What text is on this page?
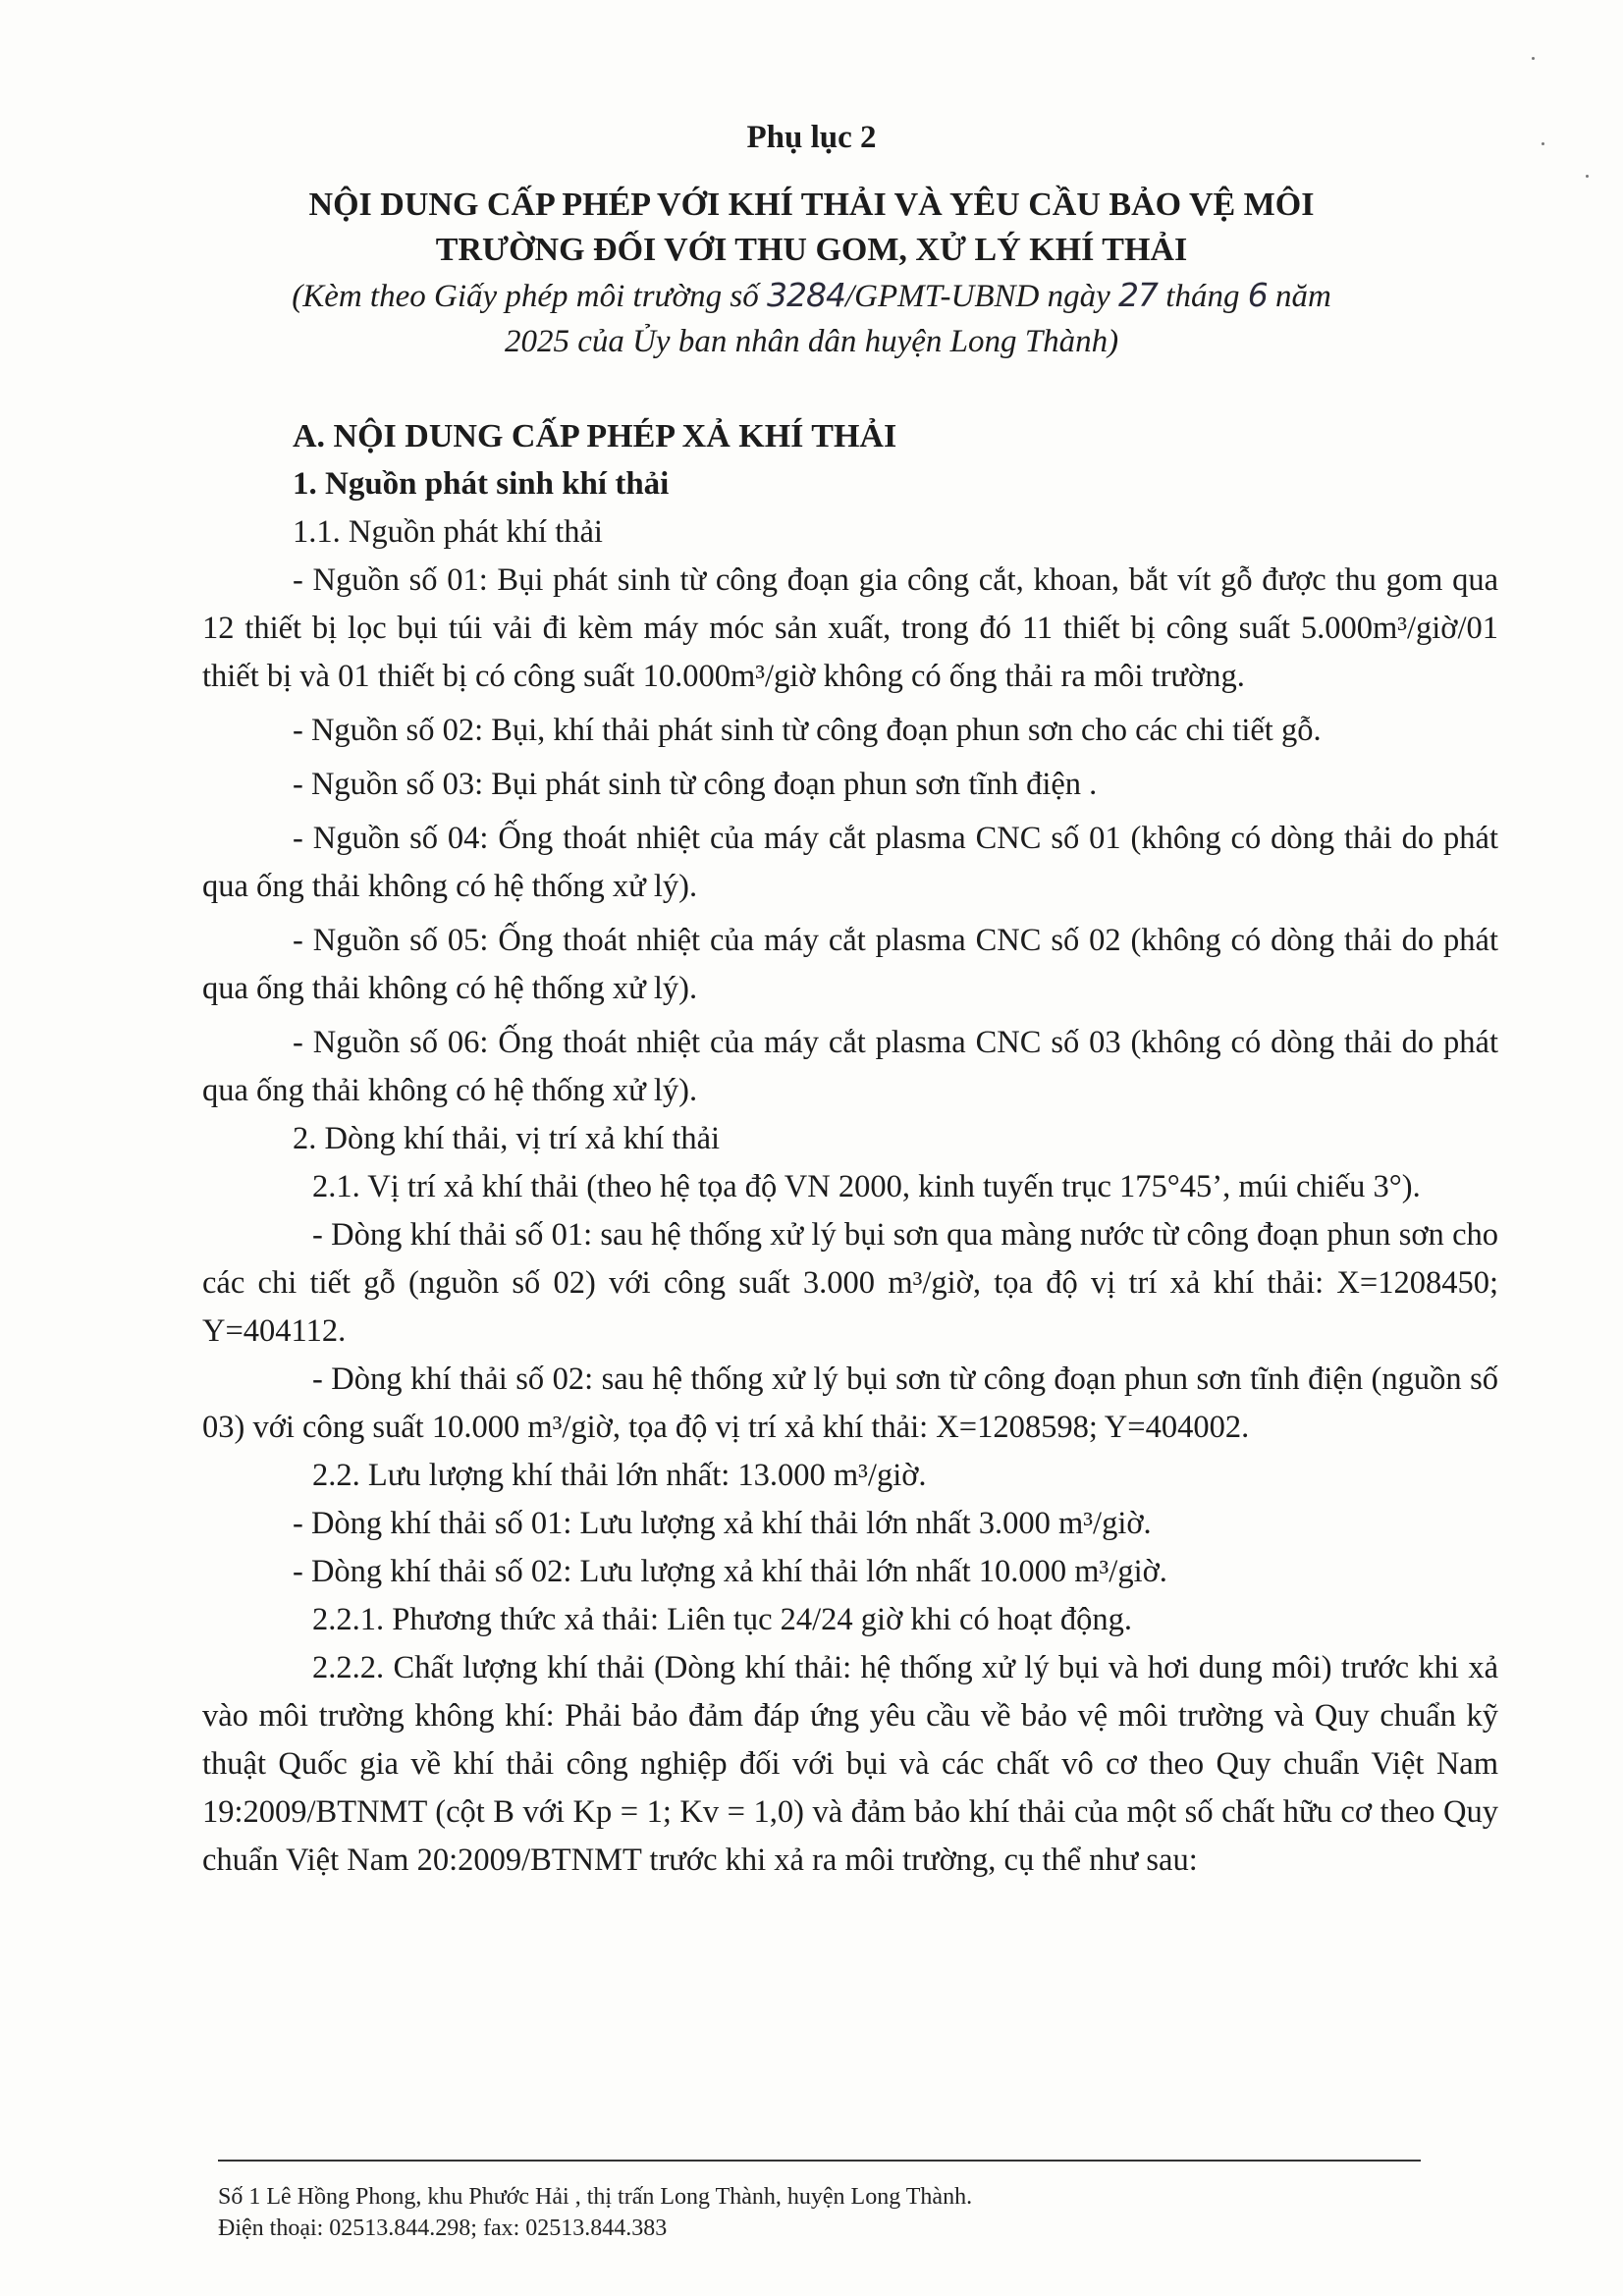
Phụ lục 2
NỘI DUNG CẤP PHÉP VỚI KHÍ THẢI VÀ YÊU CẦU BẢO VỆ MÔI
TRƯỜNG ĐỐI VỚI THU GOM, XỬ LÝ KHÍ THẢI
(Kèm theo Giấy phép môi trường số 3284/GPMT-UBND ngày 27 tháng 6 năm
2025 của Ủy ban nhân dân huyện Long Thành)

A. NỘI DUNG CẤP PHÉP XẢ KHÍ THẢI

1. Nguồn phát sinh khí thải

1.1. Nguồn phát khí thải

- Nguồn số 01: Bụi phát sinh từ công đoạn gia công cắt, khoan, bắt vít gỗ được thu gom qua 12 thiết bị lọc bụi túi vải đi kèm máy móc sản xuất, trong đó 11 thiết bị công suất 5.000m³/giờ/01 thiết bị và 01 thiết bị có công suất 10.000m³/giờ không có ống thải ra môi trường.

- Nguồn số 02: Bụi, khí thải phát sinh từ công đoạn phun sơn cho các chi tiết gỗ.

- Nguồn số 03: Bụi phát sinh từ công đoạn phun sơn tĩnh điện .

- Nguồn số 04: Ống thoát nhiệt của máy cắt plasma CNC số 01 (không có dòng thải do phát qua ống thải không có hệ thống xử lý).

- Nguồn số 05: Ống thoát nhiệt của máy cắt plasma CNC số 02 (không có dòng thải do phát qua ống thải không có hệ thống xử lý).

- Nguồn số 06: Ống thoát nhiệt của máy cắt plasma CNC số 03 (không có dòng thải do phát qua ống thải không có hệ thống xử lý).

2. Dòng khí thải, vị trí xả khí thải

2.1. Vị trí xả khí thải (theo hệ tọa độ VN 2000, kinh tuyến trục 175°45’, múi chiếu 3°).

- Dòng khí thải số 01: sau hệ thống xử lý bụi sơn qua màng nước từ công đoạn phun sơn cho các chi tiết gỗ (nguồn số 02) với công suất 3.000 m³/giờ, tọa độ vị trí xả khí thải: X=1208450; Y=404112.

- Dòng khí thải số 02: sau hệ thống xử lý bụi sơn từ công đoạn phun sơn tĩnh điện (nguồn số 03) với công suất 10.000 m³/giờ, tọa độ vị trí xả khí thải: X=1208598; Y=404002.

2.2. Lưu lượng khí thải lớn nhất: 13.000 m³/giờ.

- Dòng khí thải số 01: Lưu lượng xả khí thải lớn nhất 3.000 m³/giờ.

- Dòng khí thải số 02: Lưu lượng xả khí thải lớn nhất 10.000 m³/giờ.

2.2.1. Phương thức xả thải: Liên tục 24/24 giờ khi có hoạt động.

2.2.2. Chất lượng khí thải (Dòng khí thải: hệ thống xử lý bụi và hơi dung môi) trước khi xả vào môi trường không khí: Phải bảo đảm đáp ứng yêu cầu về bảo vệ môi trường và Quy chuẩn kỹ thuật Quốc gia về khí thải công nghiệp đối với bụi và các chất vô cơ theo Quy chuẩn Việt Nam 19:2009/BTNMT (cột B với Kp = 1; Kv = 1,0) và đảm bảo khí thải của một số chất hữu cơ theo Quy chuẩn Việt Nam 20:2009/BTNMT trước khi xả ra môi trường, cụ thể như sau:

Số 1 Lê Hồng Phong, khu Phước Hải , thị trấn Long Thành, huyện Long Thành.
Điện thoại: 02513.844.298; fax: 02513.844.383
